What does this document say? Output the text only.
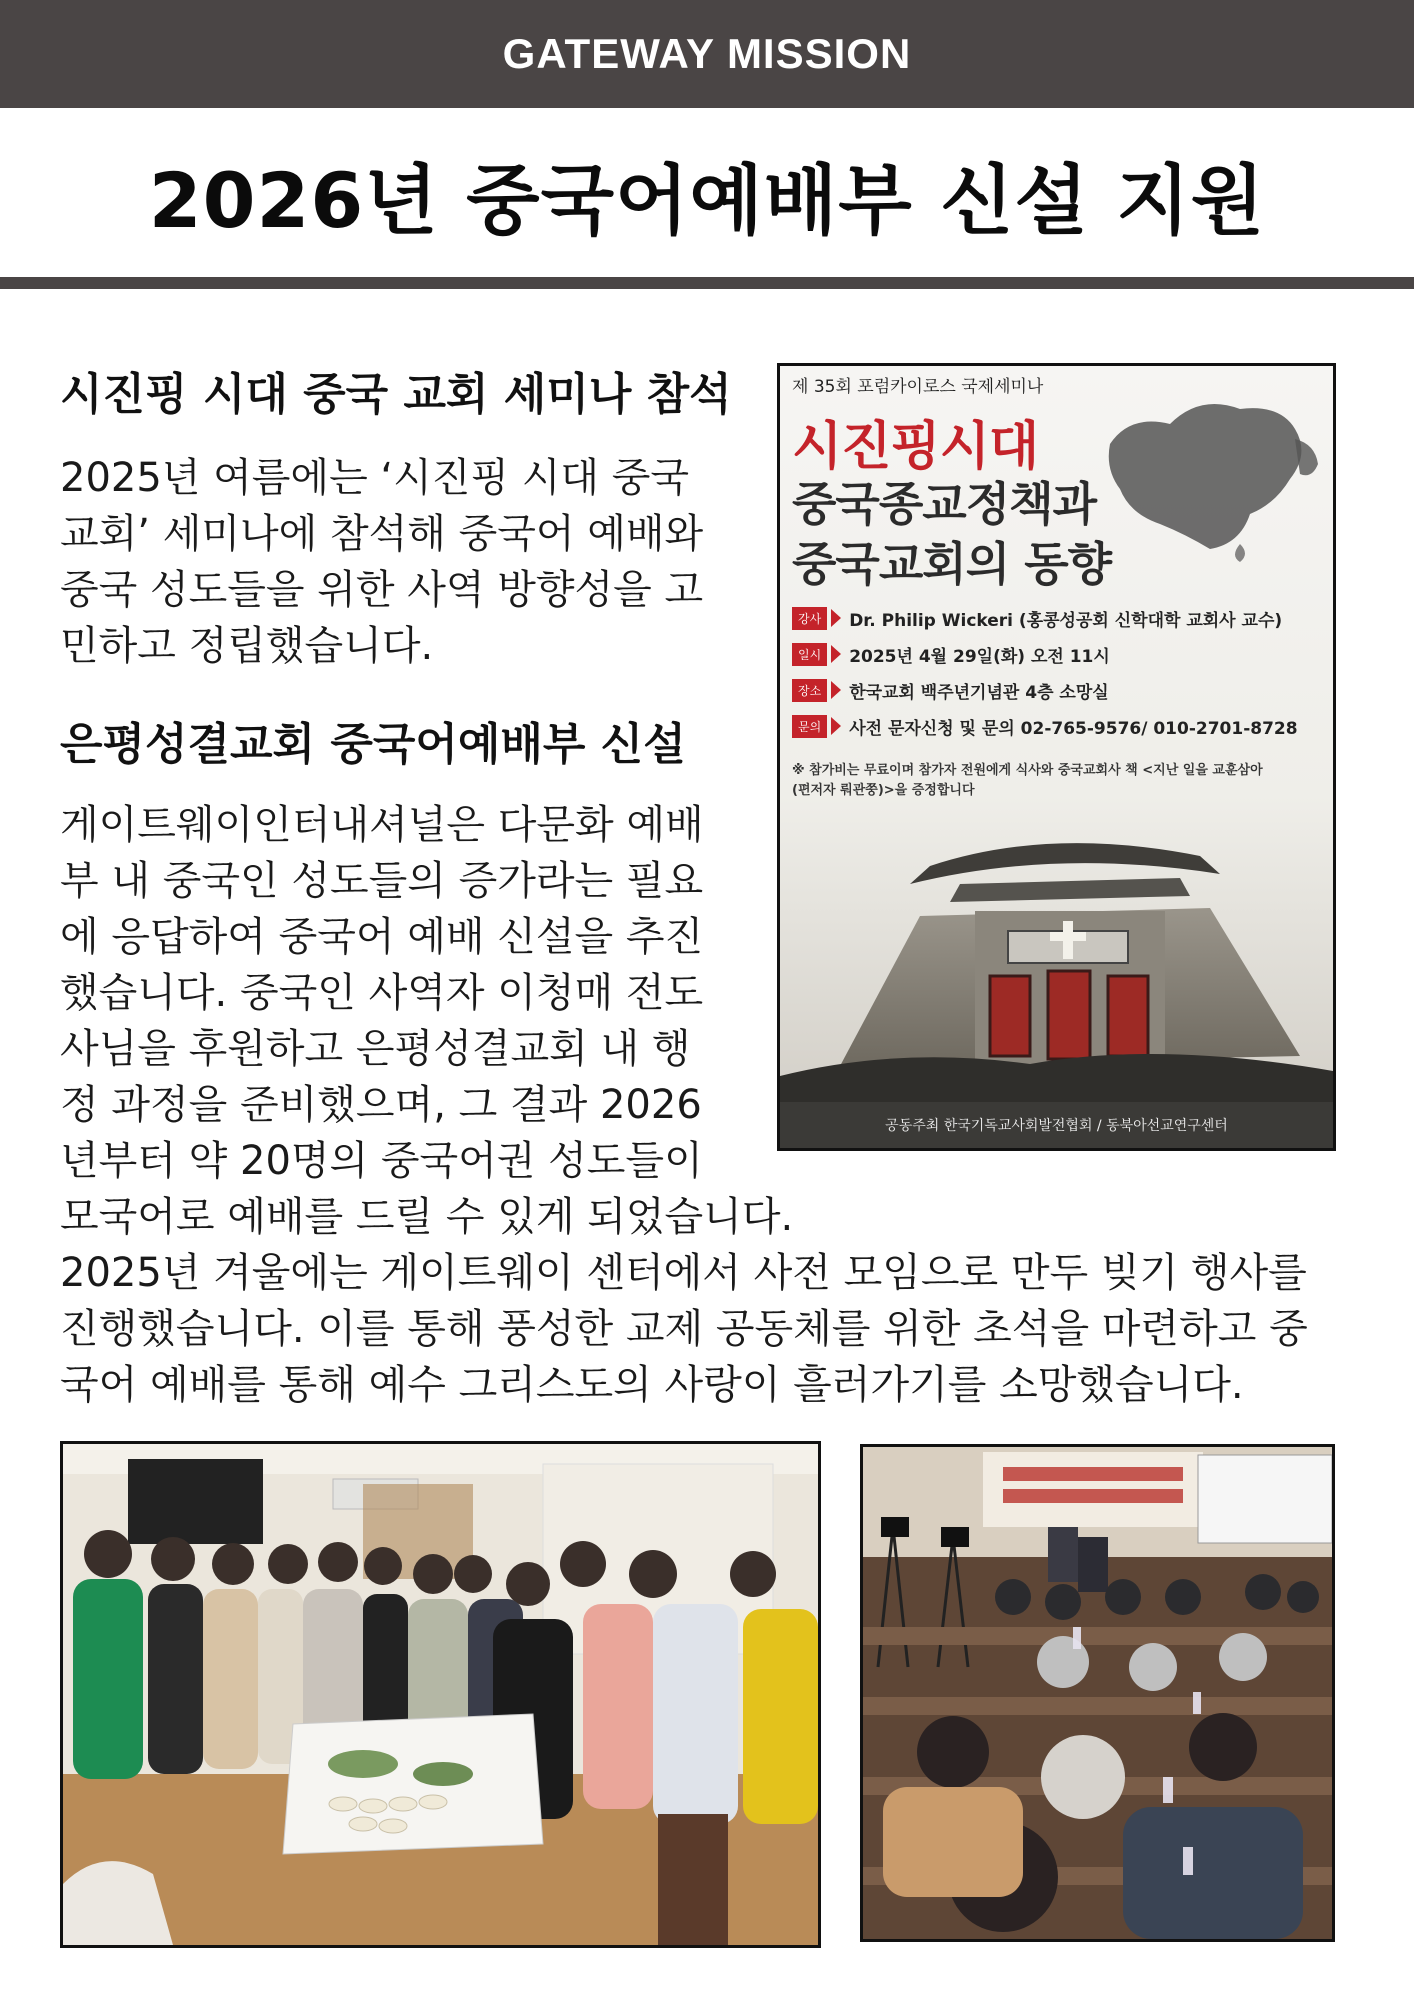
GATEWAY MISSION
2026년 중국어예배부 신설 지원
시진핑 시대 중국 교회 세미나 참석
2025년 여름에는 ‘시진핑 시대 중국
교회’ 세미나에 참석해 중국어 예배와
중국 성도들을 위한 사역 방향성을 고
민하고 정립했습니다.
은평성결교회 중국어예배부 신설
게이트웨이인터내셔널은 다문화 예배
부 내 중국인 성도들의 증가라는 필요
에 응답하여 중국어 예배 신설을 추진
했습니다. 중국인 사역자 이청매 전도
사님을 후원하고 은평성결교회 내 행
정 과정을 준비했으며, 그 결과 2026
년부터 약 20명의 중국어권 성도들이
모국어로 예배를 드릴 수 있게 되었습니다.
2025년 겨울에는 게이트웨이 센터에서 사전 모임으로 만두 빚기 행사를
진행했습니다. 이를 통해 풍성한 교제 공동체를 위한 초석을 마련하고 중
국어 예배를 통해 예수 그리스도의 사랑이 흘러가기를 소망했습니다.
제 35회 포럼카이로스 국제세미나
시진핑시대
중국종교정책과
중국교회의 동향
강사	Dr. Philip Wickeri (홍콩성공회 신학대학 교회사 교수)
일시	2025년 4월 29일(화) 오전 11시
장소	한국교회 백주년기념관 4층 소망실
문의	사전 문자신청 및 문의 02-765-9576/ 010-2701-8728
※ 참가비는 무료이며 참가자 전원에게 식사와 중국교회사 책 <지난 일을 교훈삼아
(편저자 뤄관쭝)>을 증정합니다
공동주최 한국기독교사회발전협회 / 동북아선교연구센터
